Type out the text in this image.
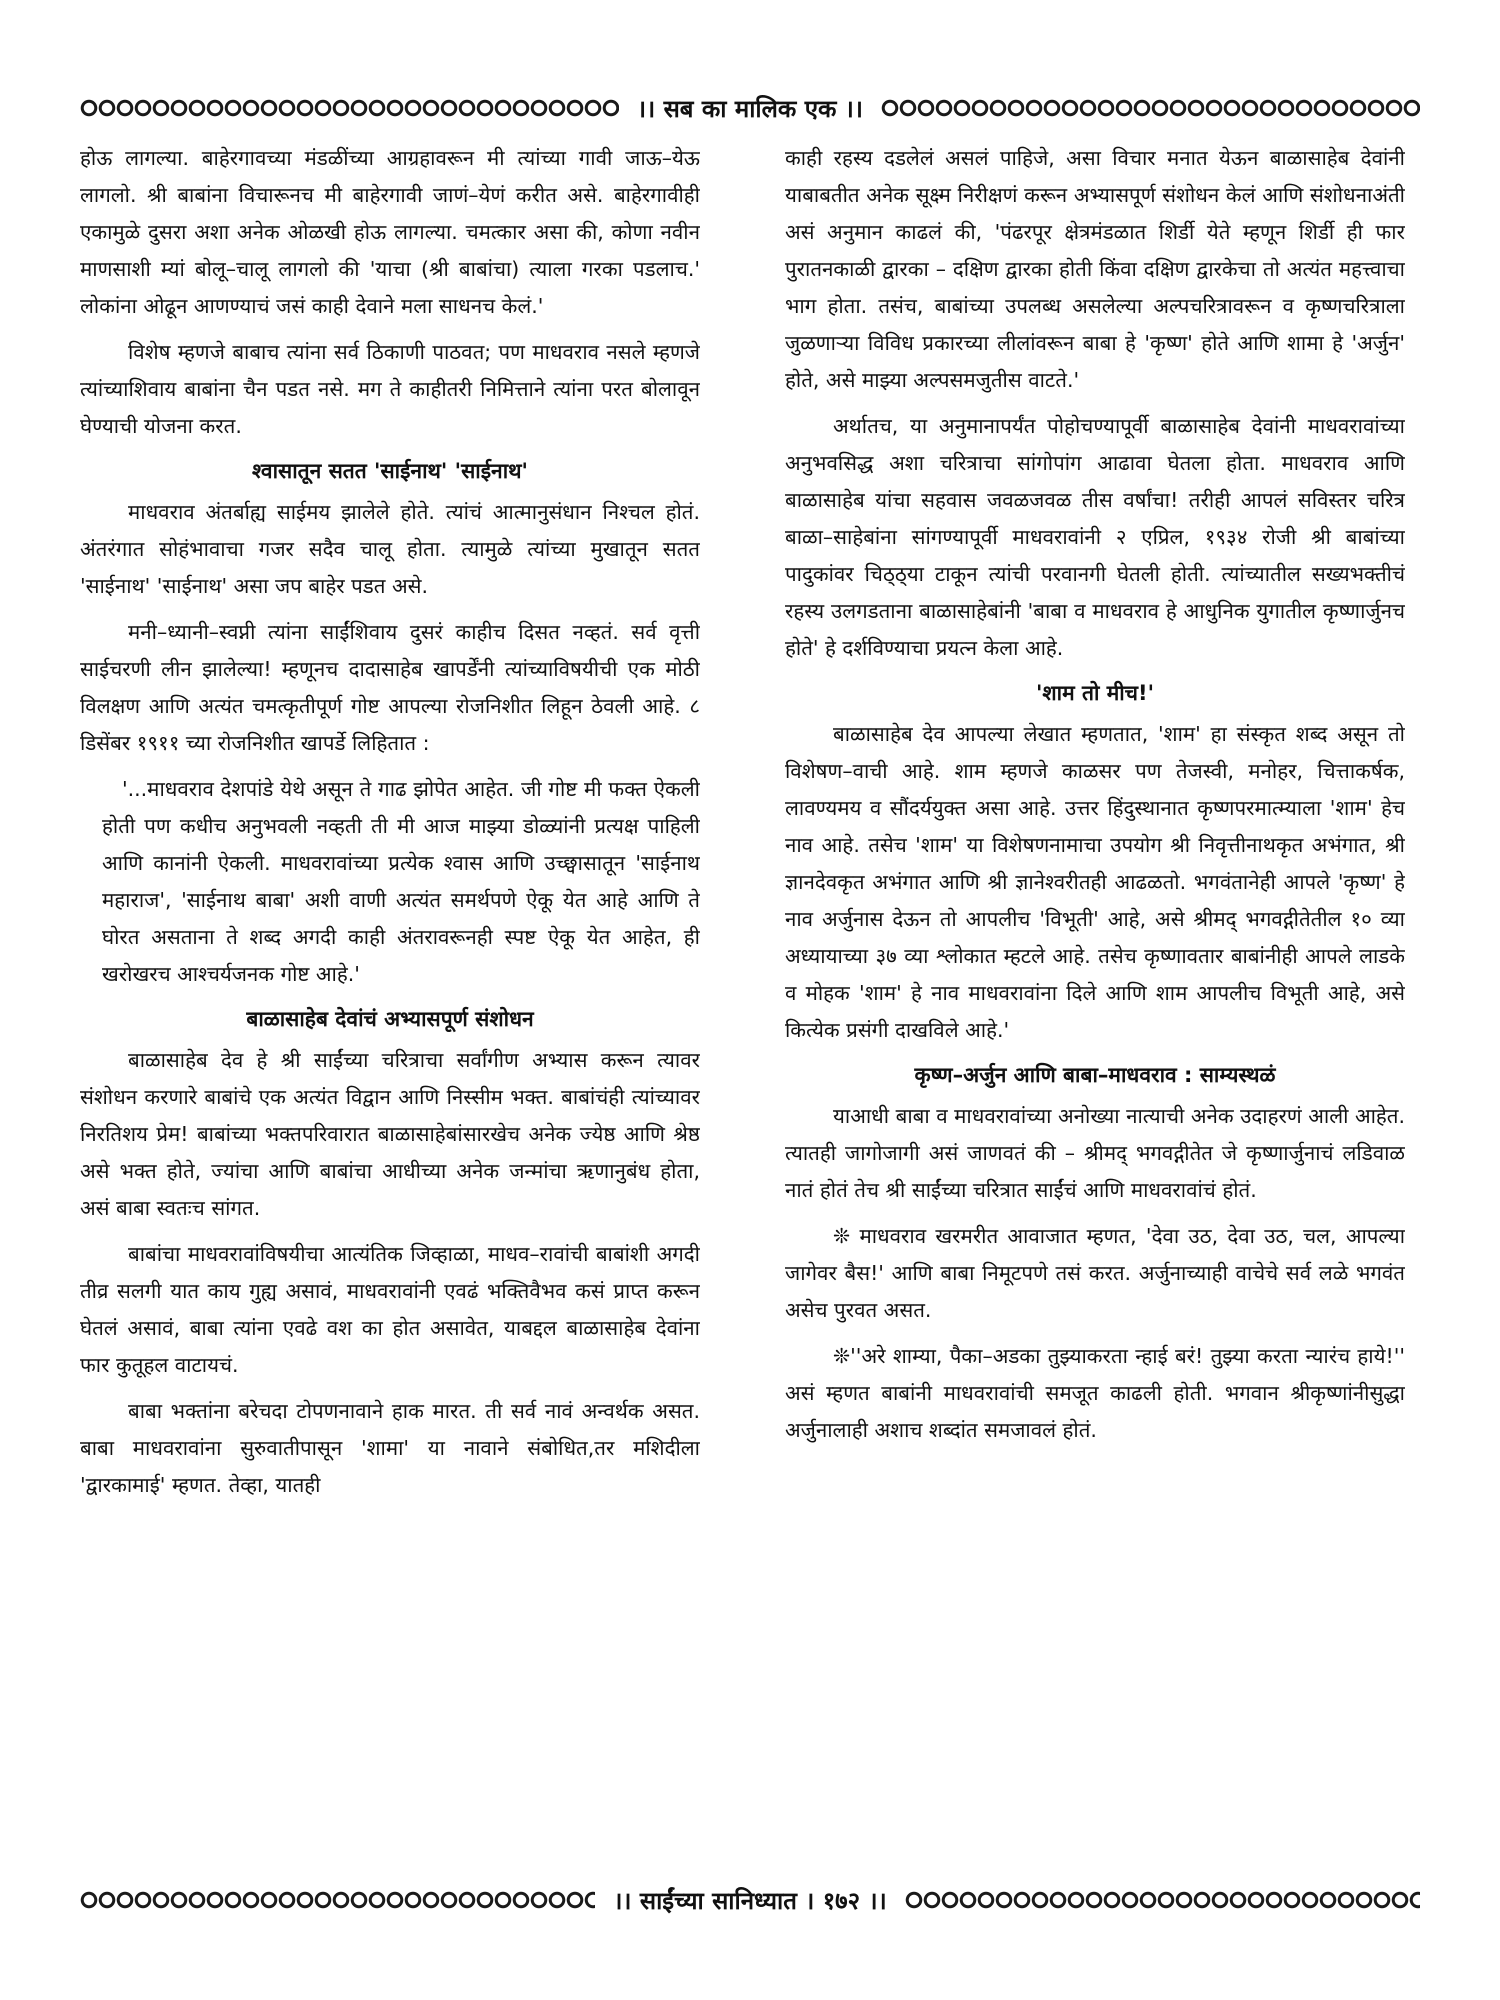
।। सब का मालिक एक ।।

होऊ लागल्या. बाहेरगावच्या मंडळींच्या आग्रहावरून मी त्यांच्या गावी जाऊ–येऊ लागलो. श्री बाबांना विचारूनच मी बाहेरगावी जाणं–येणं करीत असे. बाहेरगावीही एकामुळे दुसरा अशा अनेक ओळखी होऊ लागल्या. चमत्कार असा की, कोणा नवीन माणसाशी म्यां बोलू–चालू लागलो की 'याचा (श्री बाबांचा) त्याला गरका पडलाच.' लोकांना ओढून आणण्याचं जसं काही देवाने मला साधनच केलं.'

विशेष म्हणजे बाबाच त्यांना सर्व ठिकाणी पाठवत; पण माधवराव नसले म्हणजे त्यांच्याशिवाय बाबांना चैन पडत नसे. मग ते काहीतरी निमित्ताने त्यांना परत बोलावून घेण्याची योजना करत.

श्वासातून सतत 'साईनाथ' 'साईनाथ'

माधवराव अंतर्बाह्य साईमय झालेले होते. त्यांचं आत्मानुसंधान निश्चल होतं. अंतरंगात सोहंभावाचा गजर सदैव चालू होता. त्यामुळे त्यांच्या मुखातून सतत 'साईनाथ' 'साईनाथ' असा जप बाहेर पडत असे.

मनी–ध्यानी–स्वप्नी त्यांना साईंशिवाय दुसरं काहीच दिसत नव्हतं. सर्व वृत्ती साईचरणी लीन झालेल्या! म्हणूनच दादासाहेब खापर्डेंनी त्यांच्याविषयीची एक मोठी विलक्षण आणि अत्यंत चमत्कृतीपूर्ण गोष्ट आपल्या रोजनिशीत लिहून ठेवली आहे. ८ डिसेंबर १९११ च्या रोजनिशीत खापर्डे लिहितात :

'...माधवराव देशपांडे येथे असून ते गाढ झोपेत आहेत. जी गोष्ट मी फक्त ऐकली होती पण कधीच अनुभवली नव्हती ती मी आज माझ्या डोळ्यांनी प्रत्यक्ष पाहिली आणि कानांनी ऐकली. माधवरावांच्या प्रत्येक श्वास आणि उच्छ्वासातून 'साईनाथ महाराज', 'साईनाथ बाबा' अशी वाणी अत्यंत समर्थपणे ऐकू येत आहे आणि ते घोरत असताना ते शब्द अगदी काही अंतरावरूनही स्पष्ट ऐकू येत आहेत, ही खरोखरच आश्चर्यजनक गोष्ट आहे.'

बाळासाहेब देवांचं अभ्यासपूर्ण संशोधन

बाळासाहेब देव हे श्री साईंच्या चरित्राचा सर्वांगीण अभ्यास करून त्यावर संशोधन करणारे बाबांचे एक अत्यंत विद्वान आणि निस्सीम भक्त. बाबांचंही त्यांच्यावर निरतिशय प्रेम! बाबांच्या भक्तपरिवारात बाळासाहेबांसारखेच अनेक ज्येष्ठ आणि श्रेष्ठ असे भक्त होते, ज्यांचा आणि बाबांचा आधीच्या अनेक जन्मांचा ऋणानुबंध होता, असं बाबा स्वतःच सांगत.

बाबांचा माधवरावांविषयीचा आत्यंतिक जिव्हाळा, माधव–रावांची बाबांशी अगदी तीव्र सलगी यात काय गुह्य असावं, माधवरावांनी एवढं भक्तिवैभव कसं प्राप्त करून घेतलं असावं, बाबा त्यांना एवढे वश का होत असावेत, याबद्दल बाळासाहेब देवांना फार कुतूहल वाटायचं.

बाबा भक्तांना बरेचदा टोपणनावाने हाक मारत. ती सर्व नावं अन्वर्थक असत. बाबा माधवरावांना सुरुवातीपासून 'शामा' या नावाने संबोधित,तर मशिदीला 'द्वारकामाई' म्हणत. तेव्हा, यातही

काही रहस्य दडलेलं असलं पाहिजे, असा विचार मनात येऊन बाळासाहेब देवांनी याबाबतीत अनेक सूक्ष्म निरीक्षणं करून अभ्यासपूर्ण संशोधन केलं आणि संशोधनाअंती असं अनुमान काढलं की, 'पंढरपूर क्षेत्रमंडळात शिर्डी येते म्हणून शिर्डी ही फार पुरातनकाळी द्वारका – दक्षिण द्वारका होती किंवा दक्षिण द्वारकेचा तो अत्यंत महत्त्वाचा भाग होता. तसंच, बाबांच्या उपलब्ध असलेल्या अल्पचरित्रावरून व कृष्णचरित्राला जुळणाऱ्या विविध प्रकारच्या लीलांवरून बाबा हे 'कृष्ण' होते आणि शामा हे 'अर्जुन' होते, असे माझ्या अल्पसमजुतीस वाटते.'

अर्थातच, या अनुमानापर्यंत पोहोचण्यापूर्वी बाळासाहेब देवांनी माधवरावांच्या अनुभवसिद्ध अशा चरित्राचा सांगोपांग आढावा घेतला होता. माधवराव आणि बाळासाहेब यांचा सहवास जवळजवळ तीस वर्षांचा! तरीही आपलं सविस्तर चरित्र बाळा–साहेबांना सांगण्यापूर्वी माधवरावांनी २ एप्रिल, १९३४ रोजी श्री बाबांच्या पादुकांवर चिठ्ठ्या टाकून त्यांची परवानगी घेतली होती. त्यांच्यातील सख्यभक्तीचं रहस्य उलगडताना बाळासाहेबांनी 'बाबा व माधवराव हे आधुनिक युगातील कृष्णार्जुनच होते' हे दर्शविण्याचा प्रयत्न केला आहे.

'शाम तो मीच!'

बाळासाहेब देव आपल्या लेखात म्हणतात, 'शाम' हा संस्कृत शब्द असून तो विशेषण–वाची आहे. शाम म्हणजे काळसर पण तेजस्वी, मनोहर, चित्ताकर्षक, लावण्यमय व सौंदर्ययुक्त असा आहे. उत्तर हिंदुस्थानात कृष्णपरमात्म्याला 'शाम' हेच नाव आहे. तसेच 'शाम' या विशेषणनामाचा उपयोग श्री निवृत्तीनाथकृत अभंगात, श्री ज्ञानदेवकृत अभंगात आणि श्री ज्ञानेश्वरीतही आढळतो. भगवंतानेही आपले 'कृष्ण' हे नाव अर्जुनास देऊन तो आपलीच 'विभूती' आहे, असे श्रीमद् भगवद्गीतेतील १० व्या अध्यायाच्या ३७ व्या श्लोकात म्हटले आहे. तसेच कृष्णावतार बाबांनीही आपले लाडके व मोहक 'शाम' हे नाव माधवरावांना दिले आणि शाम आपलीच विभूती आहे, असे कित्येक प्रसंगी दाखविले आहे.'

कृष्ण–अर्जुन आणि बाबा–माधवराव : साम्यस्थळं

याआधी बाबा व माधवरावांच्या अनोख्या नात्याची अनेक उदाहरणं आली आहेत. त्यातही जागोजागी असं जाणवतं की – श्रीमद् भगवद्गीतेत जे कृष्णार्जुनाचं लडिवाळ नातं होतं तेच श्री साईंच्या चरित्रात साईंचं आणि माधवरावांचं होतं.

❊ माधवराव खरमरीत आवाजात म्हणत, 'देवा उठ, देवा उठ, चल, आपल्या जागेवर बैस!' आणि बाबा निमूटपणे तसं करत. अर्जुनाच्याही वाचेचे सर्व लळे भगवंत असेच पुरवत असत.

❊''अरे शाम्या, पैका–अडका तुझ्याकरता न्हाई बरं! तुझ्या करता न्यारंच हाये!'' असं म्हणत बाबांनी माधवरावांची समजूत काढली होती. भगवान श्रीकृष्णांनीसुद्धा अर्जुनालाही अशाच शब्दांत समजावलं होतं.

।। साईंच्या सानिध्यात । १७२ ।।
